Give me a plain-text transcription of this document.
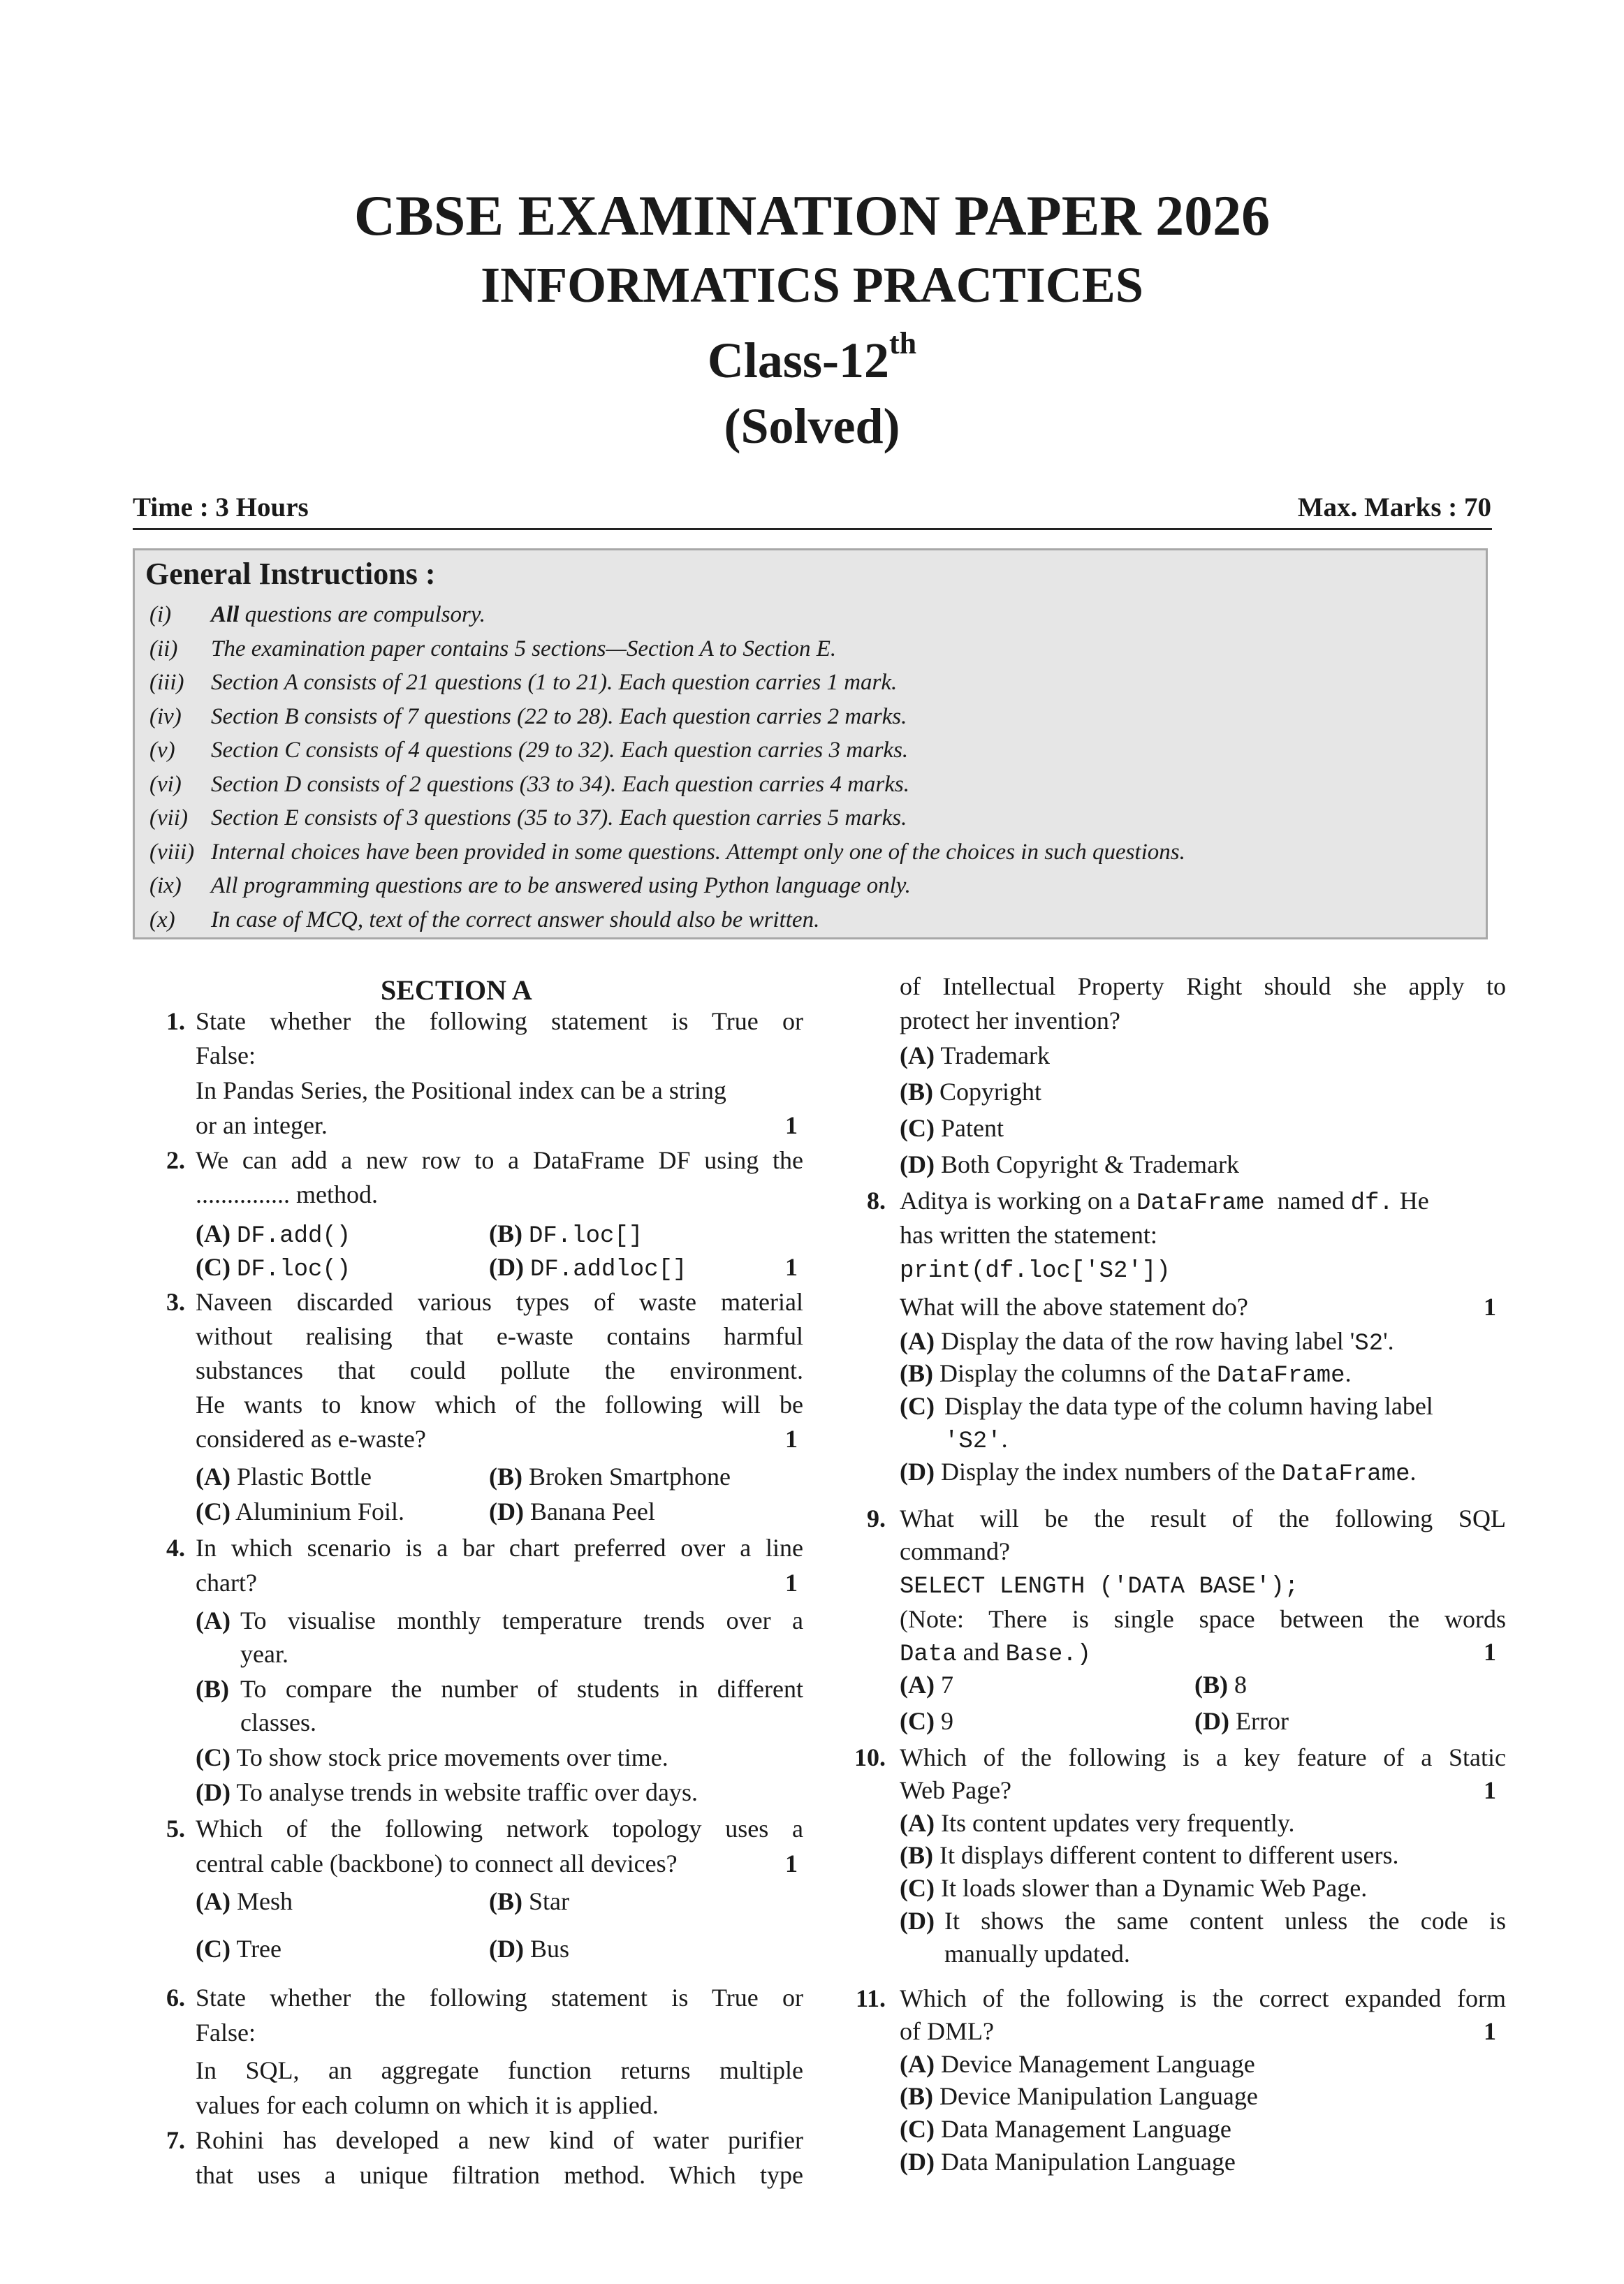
CBSE EXAMINATION PAPER 2026
INFORMATICS PRACTICES
Class-12th
(Solved)
Time : 3 Hours	Max. Marks : 70
General Instructions :
(i) All questions are compulsory.
(ii) The examination paper contains 5 sections—Section A to Section E.
(iii) Section A consists of 21 questions (1 to 21). Each question carries 1 mark.
(iv) Section B consists of 7 questions (22 to 28). Each question carries 2 marks.
(v) Section C consists of 4 questions (29 to 32). Each question carries 3 marks.
(vi) Section D consists of 2 questions (33 to 34). Each question carries 4 marks.
(vii) Section E consists of 3 questions (35 to 37). Each question carries 5 marks.
(viii) Internal choices have been provided in some questions. Attempt only one of the choices in such questions.
(ix) All programming questions are to be answered using Python language only.
(x) In case of MCQ, text of the correct answer should also be written.
SECTION A
1. State whether the following statement is True or
False:
In Pandas Series, the Positional index can be a string
or an integer.	1
2. We can add a new row to a DataFrame DF using the
............... method.
(A) DF.add()	(B) DF.loc[]
(C) DF.loc()	(D) DF.addloc[]	1
3. Naveen discarded various types of waste material
without realising that e-waste contains harmful
substances that could pollute the environment.
He wants to know which of the following will be
considered as e-waste?	1
(A) Plastic Bottle	(B) Broken Smartphone
(C) Aluminium Foil.	(D) Banana Peel
4. In which scenario is a bar chart preferred over a line
chart?	1
(A) To visualise monthly temperature trends over a
year.
(B) To compare the number of students in different
classes.
(C) To show stock price movements over time.
(D) To analyse trends in website traffic over days.
5. Which of the following network topology uses a
central cable (backbone) to connect all devices?	1
(A) Mesh	(B) Star
(C) Tree	(D) Bus
6. State whether the following statement is True or
False:
In SQL, an aggregate function returns multiple
values for each column on which it is applied.
7. Rohini has developed a new kind of water purifier
that uses a unique filtration method. Which type
of Intellectual Property Right should she apply to
protect her invention?
(A) Trademark
(B) Copyright
(C) Patent
(D) Both Copyright & Trademark
8. Aditya is working on a DataFrame named df. He
has written the statement:
print(df.loc['S2'])
What will the above statement do?	1
(A) Display the data of the row having label 'S2'.
(B) Display the columns of the DataFrame.
(C) Display the data type of the column having label
'S2'.
(D) Display the index numbers of the DataFrame.
9. What will be the result of the following SQL
command?
SELECT LENGTH ('DATA BASE');
(Note: There is single space between the words
Data and Base.)	1
(A) 7	(B) 8
(C) 9	(D) Error
10. Which of the following is a key feature of a Static
Web Page?	1
(A) Its content updates very frequently.
(B) It displays different content to different users.
(C) It loads slower than a Dynamic Web Page.
(D) It shows the same content unless the code is
manually updated.
11. Which of the following is the correct expanded form
of DML?	1
(A) Device Management Language
(B) Device Manipulation Language
(C) Data Management Language
(D) Data Manipulation Language
